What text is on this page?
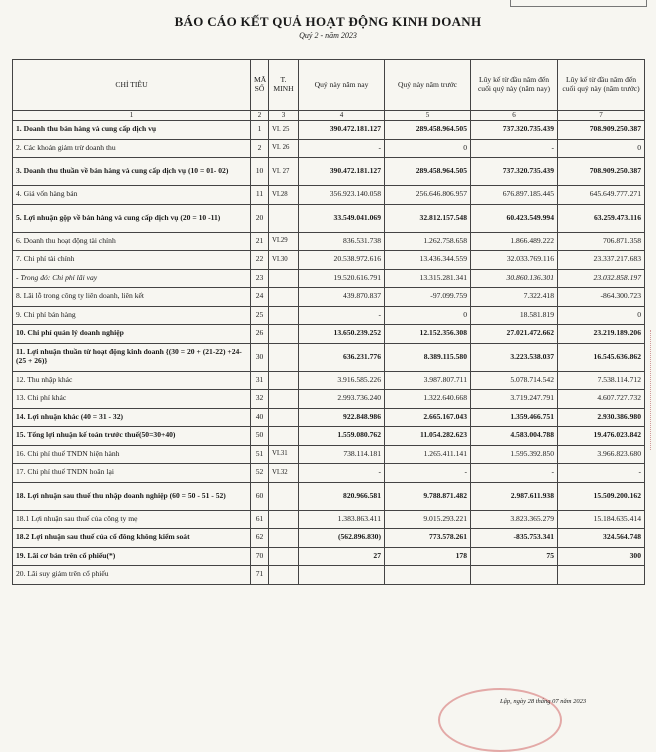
BÁO CÁO KẾT QUẢ HOẠT ĐỘNG KINH DOANH
Quý 2 - năm 2023
CHỈ TIÊU	MÃ SỐ	T. MINH	Quý này năm nay	Quý này năm trước	Lũy kế từ đầu năm đến cuối quý này (năm nay)	Lũy kế từ đầu năm đến cuối quý này (năm trước)
1	2	3	4	5	6	7
1. Doanh thu bán hàng và cung cấp dịch vụ	1	VI. 25	390.472.181.127	289.458.964.505	737.320.735.439	708.909.250.387
2. Các khoản giảm trừ doanh thu	2	VI. 26	-	0	-	0
3. Doanh thu thuần về bán hàng và cung cấp dịch vụ (10 = 01- 02)	10	VI. 27	390.472.181.127	289.458.964.505	737.320.735.439	708.909.250.387
4. Giá vốn hàng bán	11	VI.28	356.923.140.058	256.646.806.957	676.897.185.445	645.649.777.271
5. Lợi nhuận gộp về bán hàng và cung cấp dịch vụ (20 = 10 -11)	20		33.549.041.069	32.812.157.548	60.423.549.994	63.259.473.116
6. Doanh thu hoạt động tài chính	21	VI.29	836.531.738	1.262.758.658	1.866.489.222	706.871.358
7. Chi phí tài chính	22	VI.30	20.538.972.616	13.436.344.559	32.033.769.116	23.337.217.683
- Trong đó: Chi phí lãi vay	23		19.520.616.791	13.315.281.341	30.860.136.301	23.032.858.197
8. Lãi lỗ trong công ty liên doanh, liên kết	24		439.870.837	-97.099.759	7.322.418	-864.300.723
9. Chi phí bán hàng	25		-	0	18.581.819	0
10. Chi phí quản lý doanh nghiệp	26		13.650.239.252	12.152.356.308	27.021.472.662	23.219.189.206
11. Lợi nhuận thuần từ hoạt động kinh doanh {(30 = 20 + (21-22) +24-(25 + 26)}	30		636.231.776	8.389.115.580	3.223.538.037	16.545.636.862
12. Thu nhập khác	31		3.916.585.226	3.987.807.711	5.078.714.542	7.538.114.712
13. Chi phí khác	32		2.993.736.240	1.322.640.668	3.719.247.791	4.607.727.732
14. Lợi nhuận khác (40 = 31 - 32)	40		922.848.986	2.665.167.043	1.359.466.751	2.930.386.980
15. Tổng lợi nhuận kế toán trước thuế(50=30+40)	50		1.559.080.762	11.054.282.623	4.583.004.788	19.476.023.842
16. Chi phí thuế TNDN hiện hành	51	VI.31	738.114.181	1.265.411.141	1.595.392.850	3.966.823.680
17. Chi phí thuế TNDN hoãn lại	52	VI.32	-	-	-	-
18. Lợi nhuận sau thuế thu nhập doanh nghiệp (60 = 50 - 51 - 52)	60		820.966.581	9.788.871.482	2.987.611.938	15.509.200.162
18.1 Lợi nhuận sau thuế của công ty mẹ	61		1.383.863.411	9.015.293.221	3.823.365.279	15.184.635.414
18.2 Lợi nhuận sau thuế của cổ đông không kiểm soát	62		(562.896.830)	773.578.261	-835.753.341	324.564.748
19. Lãi cơ bản trên cổ phiếu(*)	70		27	178	75	300
20. Lãi suy giảm trên cổ phiếu	71					
Lập, ngày 28 tháng 07 năm 2023
